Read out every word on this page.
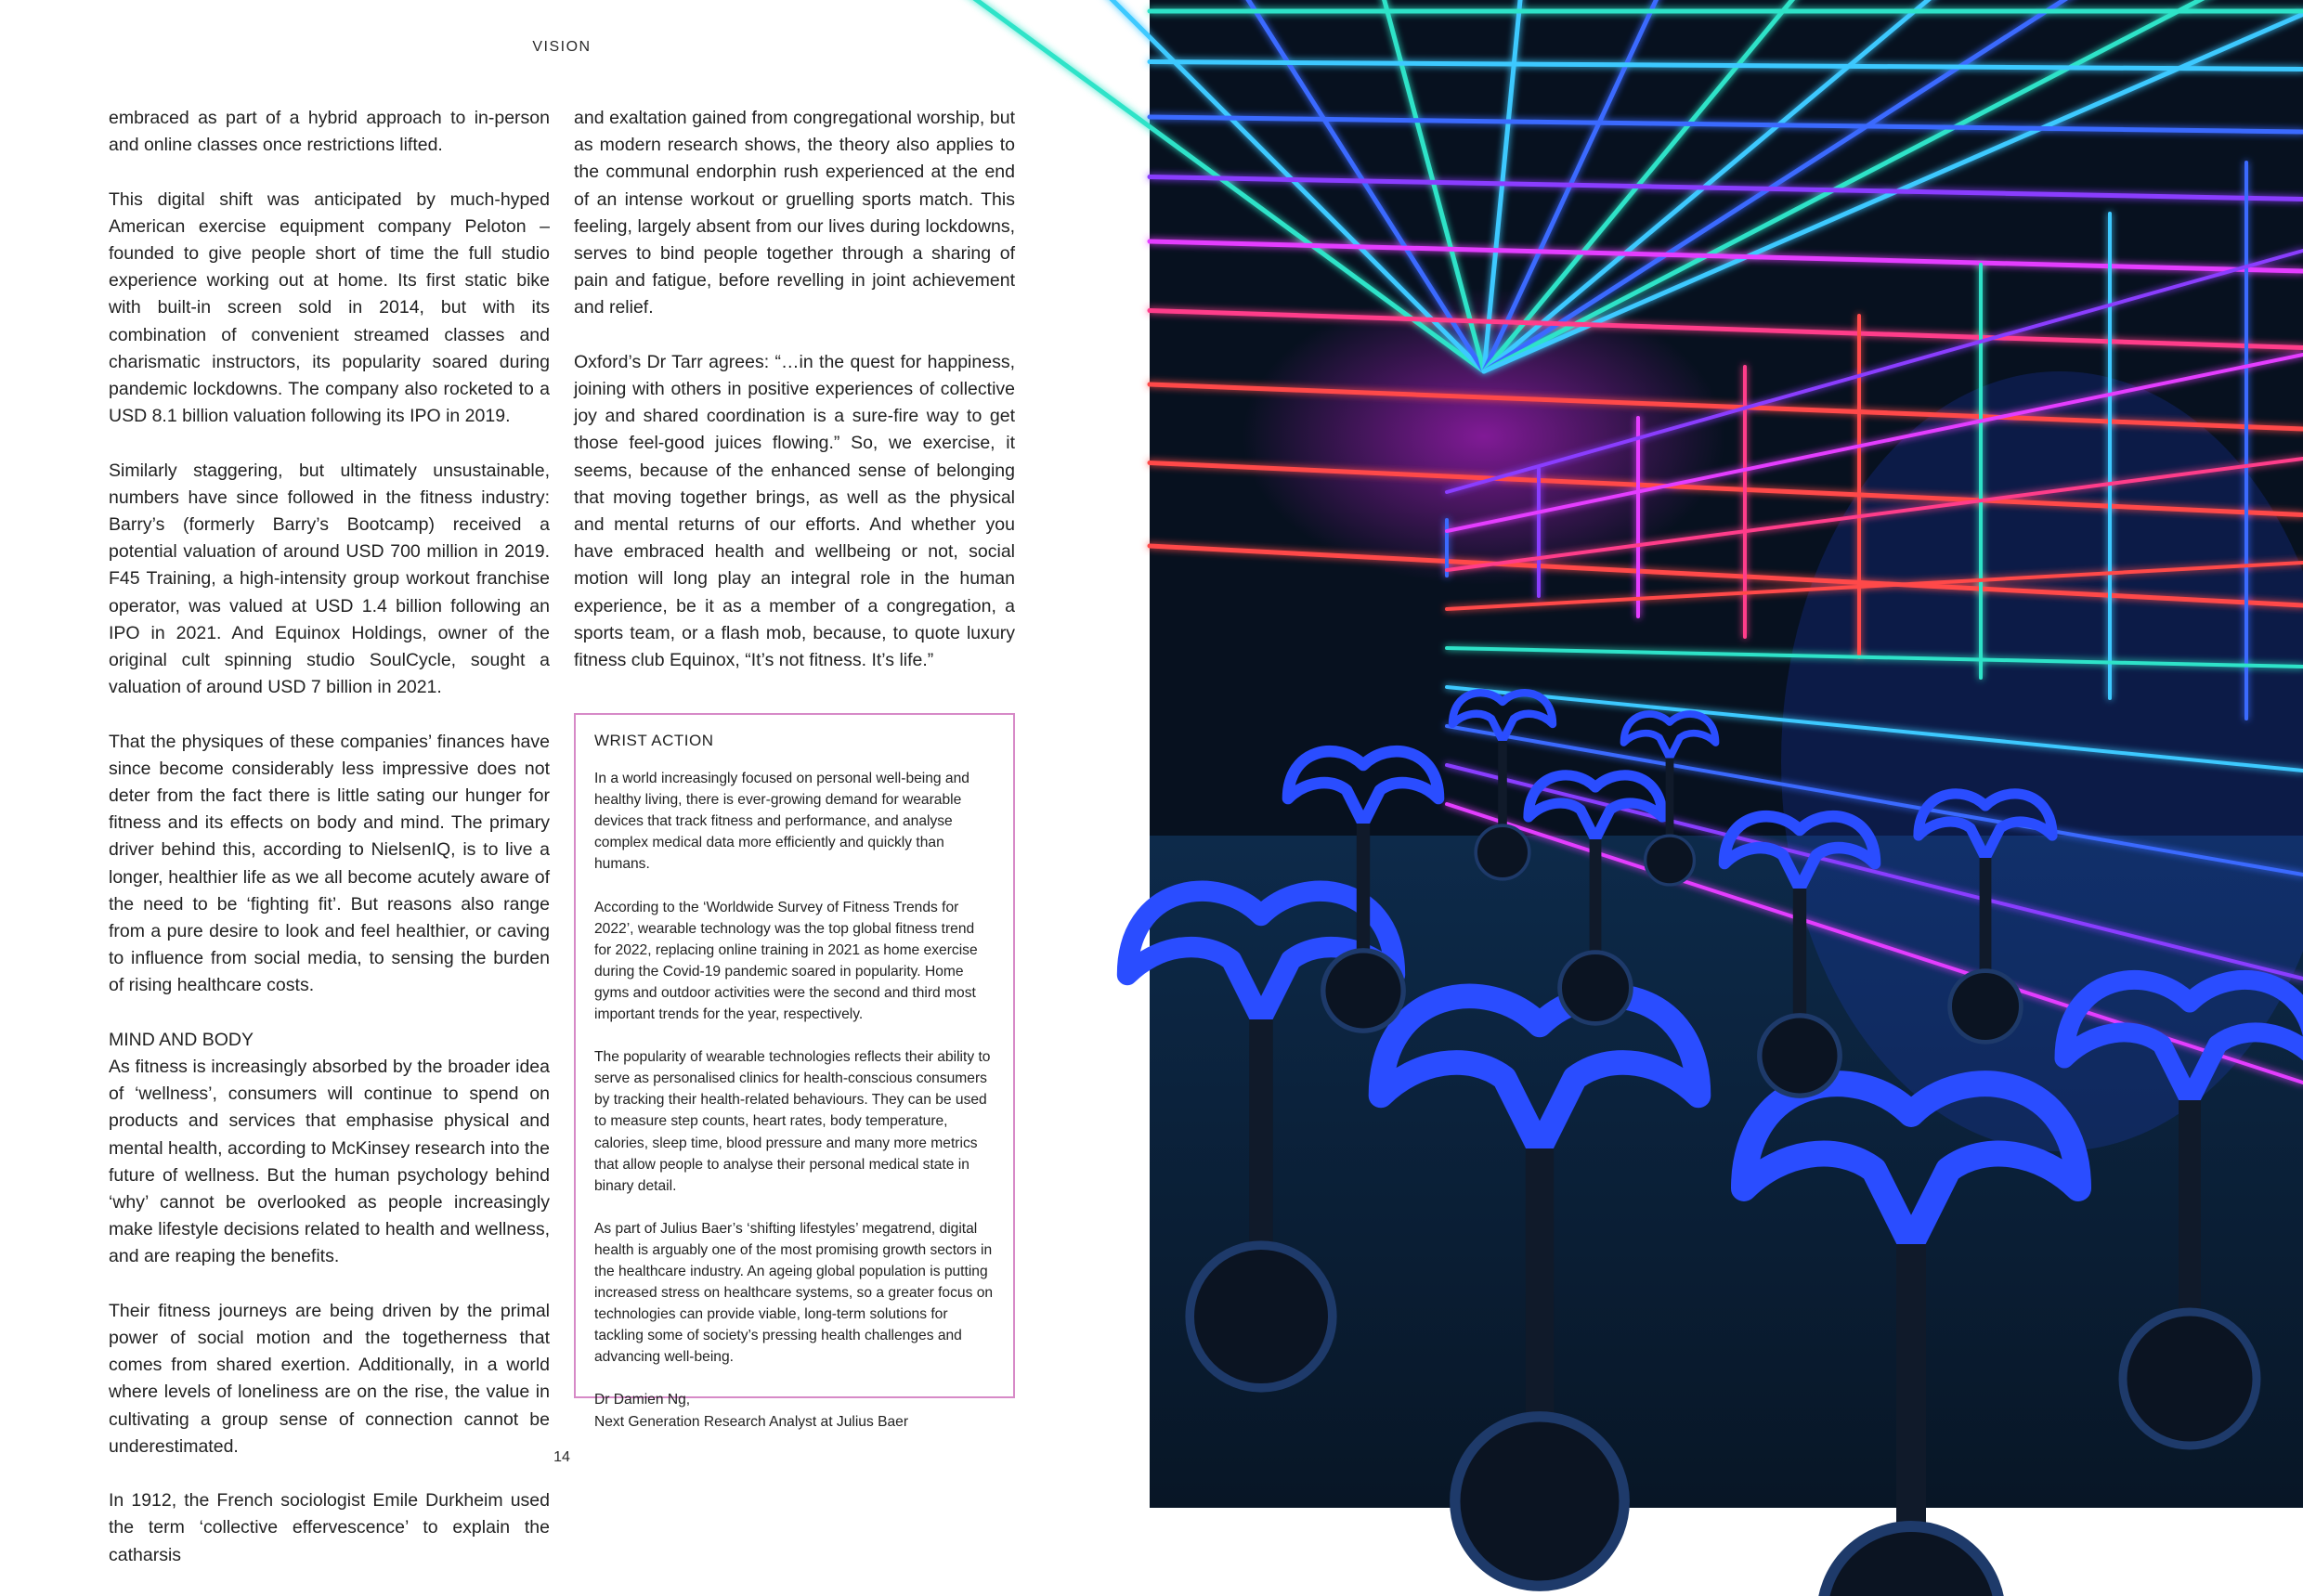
VISION

embraced as part of a hybrid approach to in-person and online classes once restrictions lifted.

This digital shift was anticipated by much-hyped American exercise equipment company Peloton – founded to give people short of time the full studio experience working out at home. Its first static bike with built-in screen sold in 2014, but with its combination of convenient streamed classes and charismatic instructors, its popularity soared during pandemic lockdowns. The company also rocketed to a USD 8.1 billion valuation following its IPO in 2019.

Similarly staggering, but ultimately unsustainable, numbers have since followed in the fitness industry: Barry’s (formerly Barry’s Bootcamp) received a potential valuation of around USD 700 million in 2019. F45 Training, a high-intensity group workout franchise operator, was valued at USD 1.4 billion following an IPO in 2021. And Equinox Holdings, owner of the original cult spinning studio SoulCycle, sought a valuation of around USD 7 billion in 2021.

That the physiques of these companies’ finances have since become considerably less impressive does not deter from the fact there is little sating our hunger for fitness and its effects on body and mind. The primary driver behind this, according to NielsenIQ, is to live a longer, healthier life as we all become acutely aware of the need to be ‘fighting fit’. But reasons also range from a pure desire to look and feel healthier, or caving to influence from social media, to sensing the burden of rising healthcare costs.

MIND AND BODY

As fitness is increasingly absorbed by the broader idea of ‘wellness’, consumers will continue to spend on products and services that emphasise physical and mental health, according to McKinsey research into the future of wellness. But the human psychology behind ‘why’ cannot be overlooked as people increasingly make lifestyle decisions related to health and wellness, and are reaping the benefits.

Their fitness journeys are being driven by the primal power of social motion and the togetherness that comes from shared exertion. Additionally, in a world where levels of loneliness are on the rise, the value in cultivating a group sense of connection cannot be underestimated.

In 1912, the French sociologist Emile Durkheim used the term ‘collective effervescence’ to explain the catharsis

and exaltation gained from congregational worship, but as modern research shows, the theory also applies to the communal endorphin rush experienced at the end of an intense workout or gruelling sports match. This feeling, largely absent from our lives during lockdowns, serves to bind people together through a sharing of pain and fatigue, before revelling in joint achievement and relief.

Oxford’s Dr Tarr agrees: “…in the quest for happiness, joining with others in positive experiences of collective joy and shared coordination is a sure-fire way to get those feel-good juices flowing.” So, we exercise, it seems, because of the enhanced sense of belonging that moving together brings, as well as the physical and mental returns of our efforts. And whether you have embraced health and wellbeing or not, social motion will long play an integral role in the human experience, be it as a member of a congregation, a sports team, or a flash mob, because, to quote luxury fitness club Equinox, “It’s not fitness. It’s life.”

WRIST ACTION

In a world increasingly focused on personal well-being and healthy living, there is ever-growing demand for wearable devices that track fitness and performance, and analyse complex medical data more efficiently and quickly than humans.

According to the ‘Worldwide Survey of Fitness Trends for 2022’, wearable technology was the top global fitness trend for 2022, replacing online training in 2021 as home exercise during the Covid-19 pandemic soared in popularity. Home gyms and outdoor activities were the second and third most important trends for the year, respectively.

The popularity of wearable technologies reflects their ability to serve as personalised clinics for health-conscious consumers by tracking their health-related behaviours. They can be used to measure step counts, heart rates, body temperature, calories, sleep time, blood pressure and many more metrics that allow people to analyse their personal medical state in binary detail.

As part of Julius Baer’s ‘shifting lifestyles’ megatrend, digital health is arguably one of the most promising growth sectors in the healthcare industry. An ageing global population is putting increased stress on healthcare systems, so a greater focus on technologies can provide viable, long-term solutions for tackling some of society’s pressing health challenges and advancing well-being.

Dr Damien Ng,

Next Generation Research Analyst at Julius Baer

14
